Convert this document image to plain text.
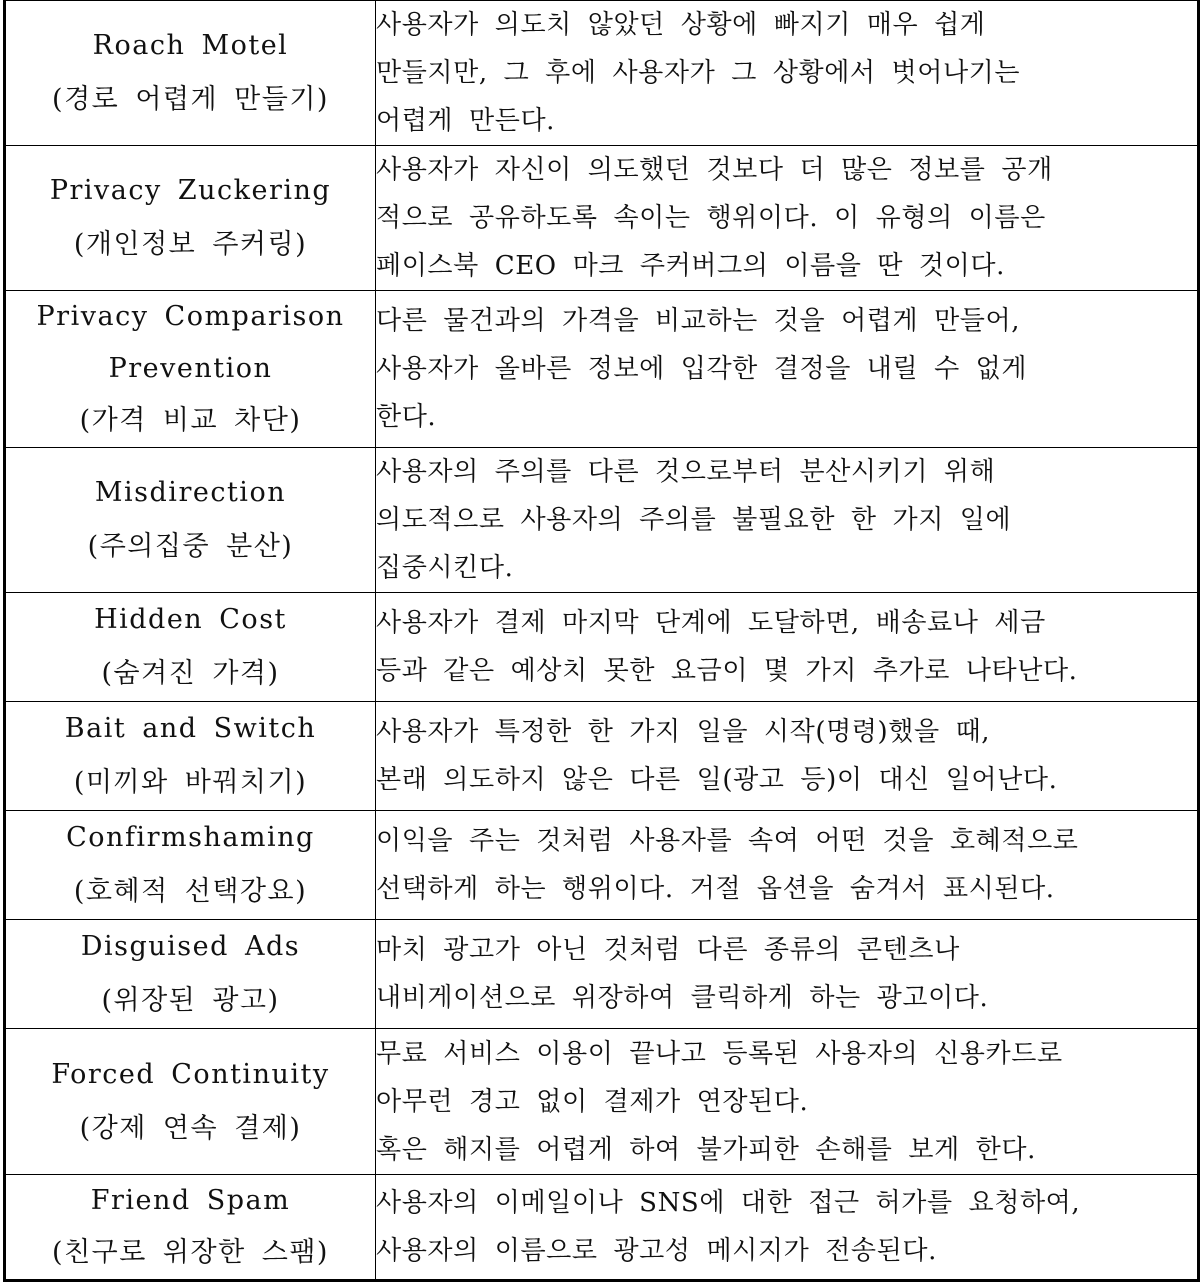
Roach Motel
(경로 어렵게 만들기)	사용자가 의도치 않았던 상황에 빠지기 매우 쉽게
만들지만, 그 후에 사용자가 그 상황에서 벗어나기는
어렵게 만든다.

Privacy Zuckering
(개인정보 주커링)	사용자가 자신이 의도했던 것보다 더 많은 정보를 공개
적으로 공유하도록 속이는 행위이다. 이 유형의 이름은
페이스북 CEO 마크 주커버그의 이름을 딴 것이다.

Privacy Comparison
Prevention
(가격 비교 차단)	다른 물건과의 가격을 비교하는 것을 어렵게 만들어,
사용자가 올바른 정보에 입각한 결정을 내릴 수 없게
한다.

Misdirection
(주의집중 분산)	사용자의 주의를 다른 것으로부터 분산시키기 위해
의도적으로 사용자의 주의를 불필요한 한 가지 일에
집중시킨다.

Hidden Cost
(숨겨진 가격)	사용자가 결제 마지막 단계에 도달하면, 배송료나 세금
등과 같은 예상치 못한 요금이 몇 가지 추가로 나타난다.

Bait and Switch
(미끼와 바꿔치기)	사용자가 특정한 한 가지 일을 시작(명령)했을 때,
본래 의도하지 않은 다른 일(광고 등)이 대신 일어난다.

Confirmshaming
(호혜적 선택강요)	이익을 주는 것처럼 사용자를 속여 어떤 것을 호혜적으로
선택하게 하는 행위이다. 거절 옵션을 숨겨서 표시된다.

Disguised Ads
(위장된 광고)	마치 광고가 아닌 것처럼 다른 종류의 콘텐츠나
내비게이션으로 위장하여 클릭하게 하는 광고이다.

Forced Continuity
(강제 연속 결제)	무료 서비스 이용이 끝나고 등록된 사용자의 신용카드로
아무런 경고 없이 결제가 연장된다.
혹은 해지를 어렵게 하여 불가피한 손해를 보게 한다.

Friend Spam
(친구로 위장한 스팸)	사용자의 이메일이나 SNS에 대한 접근 허가를 요청하여,
사용자의 이름으로 광고성 메시지가 전송된다.
